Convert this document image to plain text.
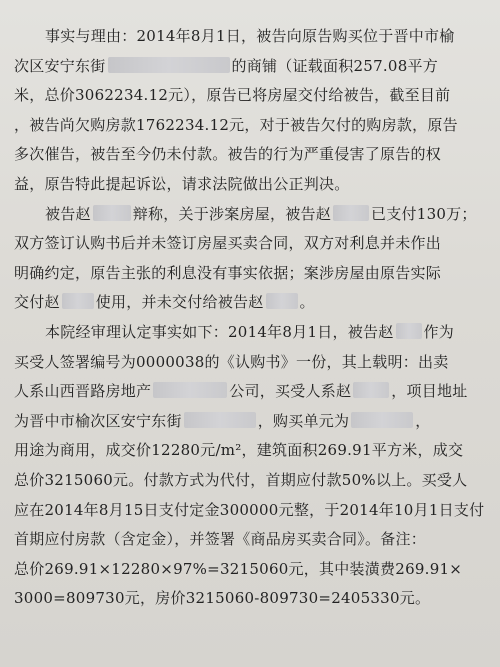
事实与理由：2014年8月1日，被告向原告购买位于晋中市榆
次区安宁东街	的商铺（证载面积257.08平方
米，总价3062234.12元），原告已将房屋交付给被告，截至目前
，被告尚欠购房款1762234.12元，对于被告欠付的购房款，原告
多次催告，被告至今仍未付款。被告的行为严重侵害了原告的权
益，原告特此提起诉讼，请求法院做出公正判决。
被告赵	辩称，关于涉案房屋，被告赵	已支付130万；
双方签订认购书后并未签订房屋买卖合同，双方对利息并未作出
明确约定，原告主张的利息没有事实依据；案涉房屋由原告实际
交付赵 使用，并未交付给被告赵 。
本院经审理认定事实如下：2014年8月1日，被告赵 作为
买受人签署编号为0000038的《认购书》一份，其上载明：出卖
人系山西晋路房地产	公司，买受人系赵	，项目地址
为晋中市榆次区安宁东街	，购买单元为	，
用途为商用，成交价12280元/m²，建筑面积269.91平方米，成交
总价3215060元。付款方式为代付，首期应付款50%以上。买受人
应在2014年8月15日支付定金300000元整，于2014年10月1日支付
首期应付房款（含定金），并签署《商品房买卖合同》。备注：
总价269.91×12280×97%=3215060元，其中装潢费269.91×
3000=809730元，房价3215060-809730=2405330元。
